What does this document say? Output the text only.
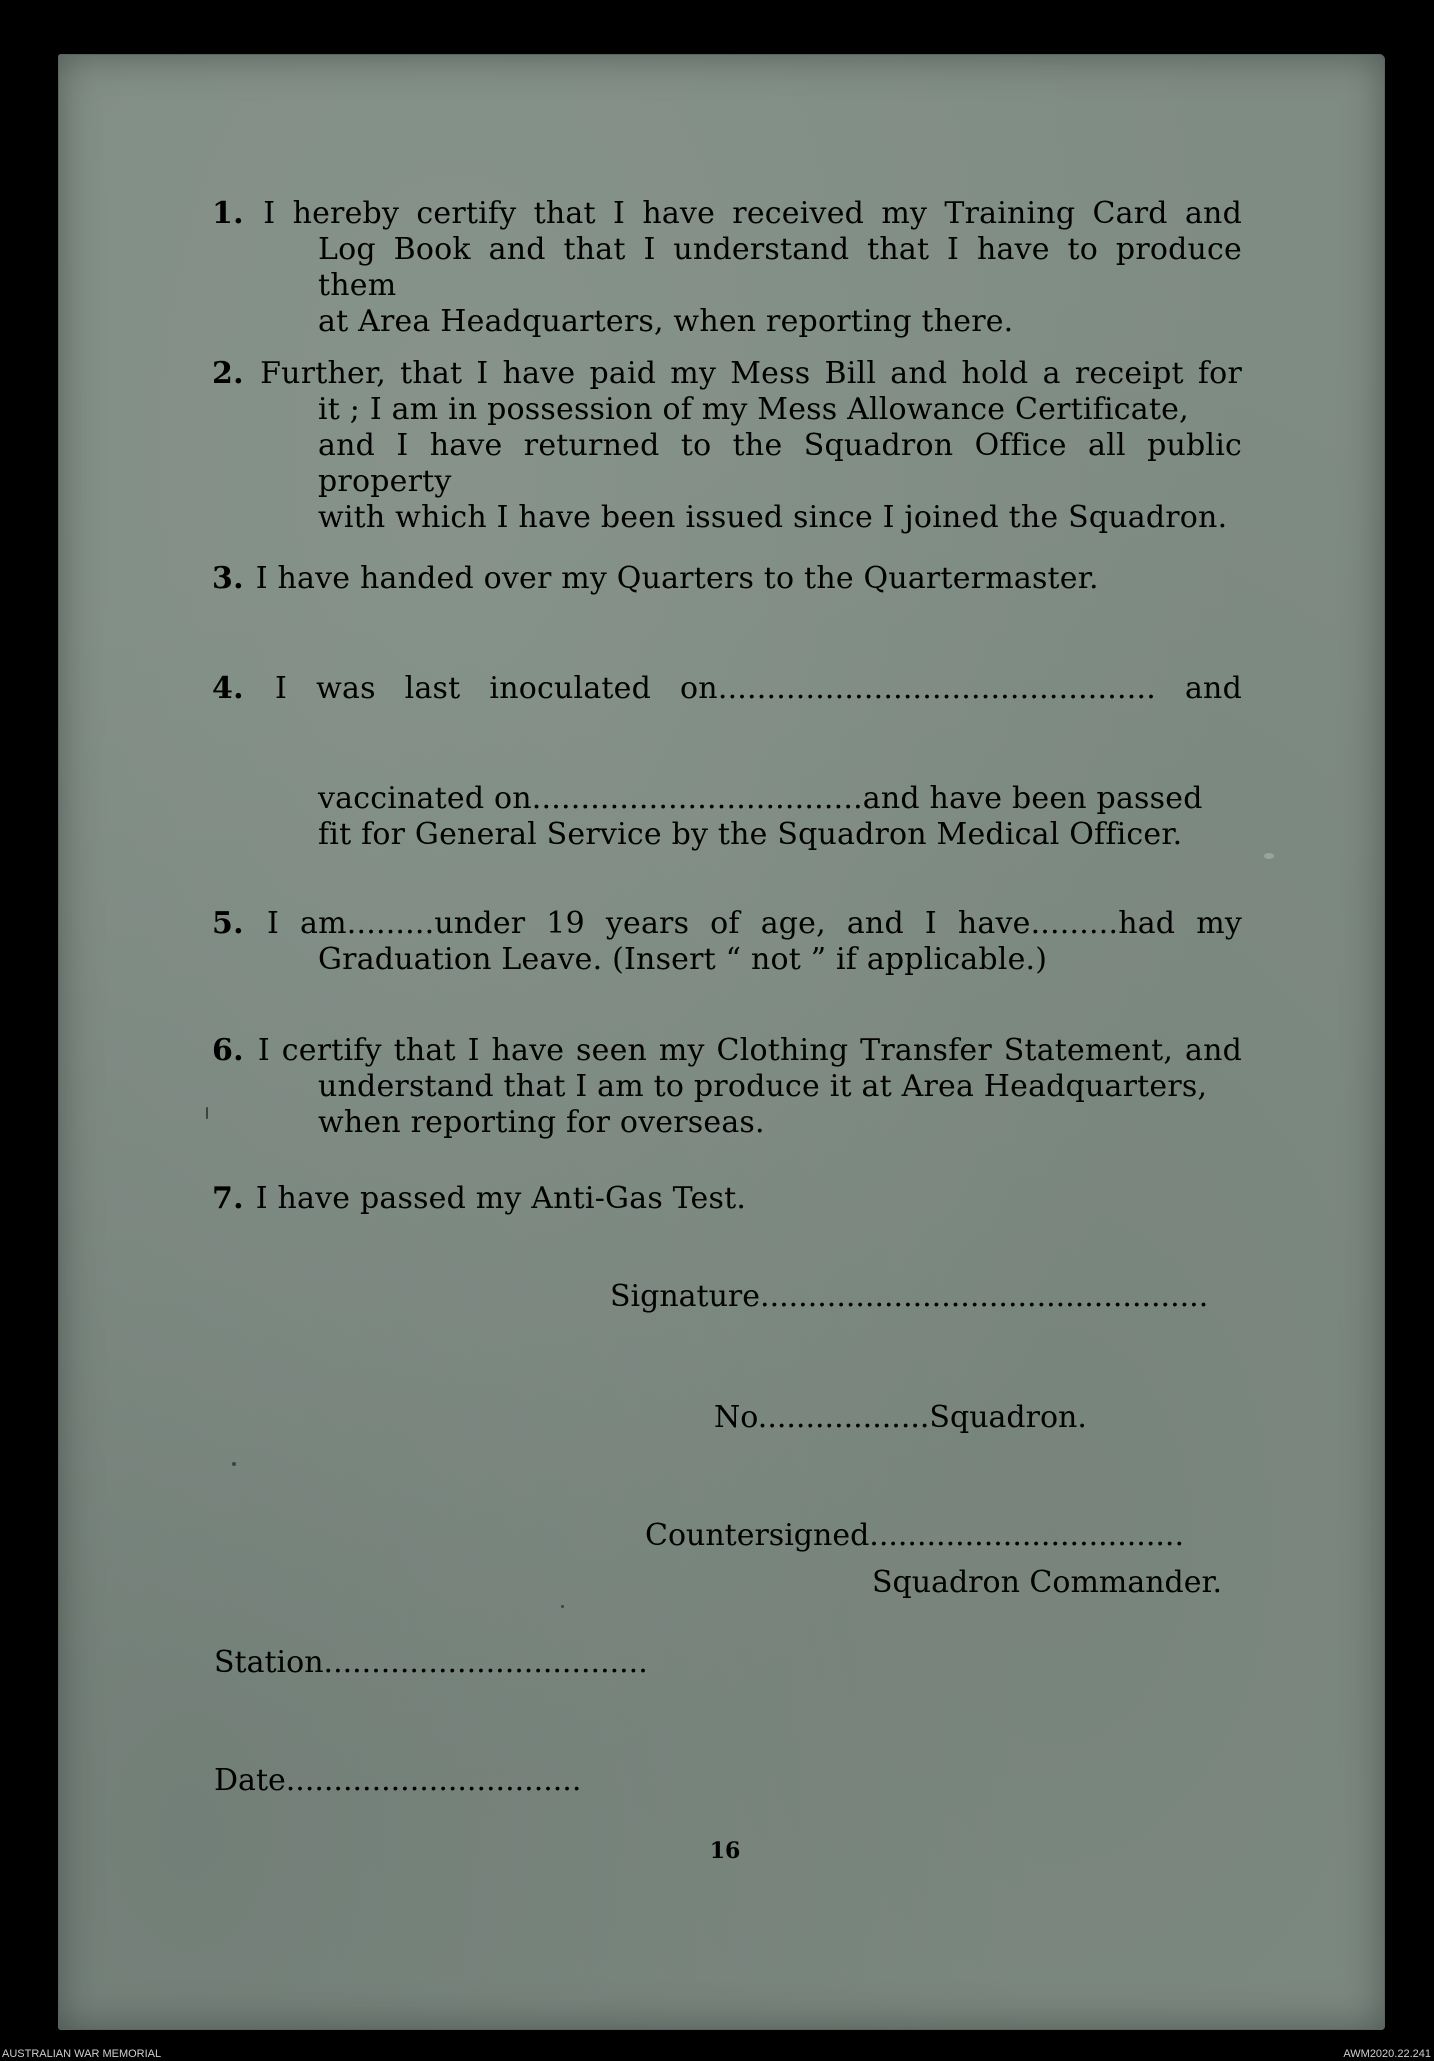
1. I hereby certify that I have received my Training Card and
Log Book and that I understand that I have to produce them
at Area Headquarters, when reporting there.
2. Further, that I have paid my Mess Bill and hold a receipt for
it ; I am in possession of my Mess Allowance Certificate,
and I have returned to the Squadron Office all public property
with which I have been issued since I joined the Squadron.
3. I have handed over my Quarters to the Quartermaster.
4. I was last inoculated on............................................. and
vaccinated on..................................and have been passed
fit for General Service by the Squadron Medical Officer.
5. I am.........under 19 years of age, and I have.........had my
Graduation Leave. (Insert “ not ” if applicable.)
6. I certify that I have seen my Clothing Transfer Statement, and
understand that I am to produce it at Area Headquarters,
when reporting for overseas.
7. I have passed my Anti-Gas Test.
Signature...............................................
No..................Squadron.
Countersigned.................................
Squadron Commander.
Station..................................
Date...............................
16
AUSTRALIAN WAR MEMORIAL	AWM2020.22.241
